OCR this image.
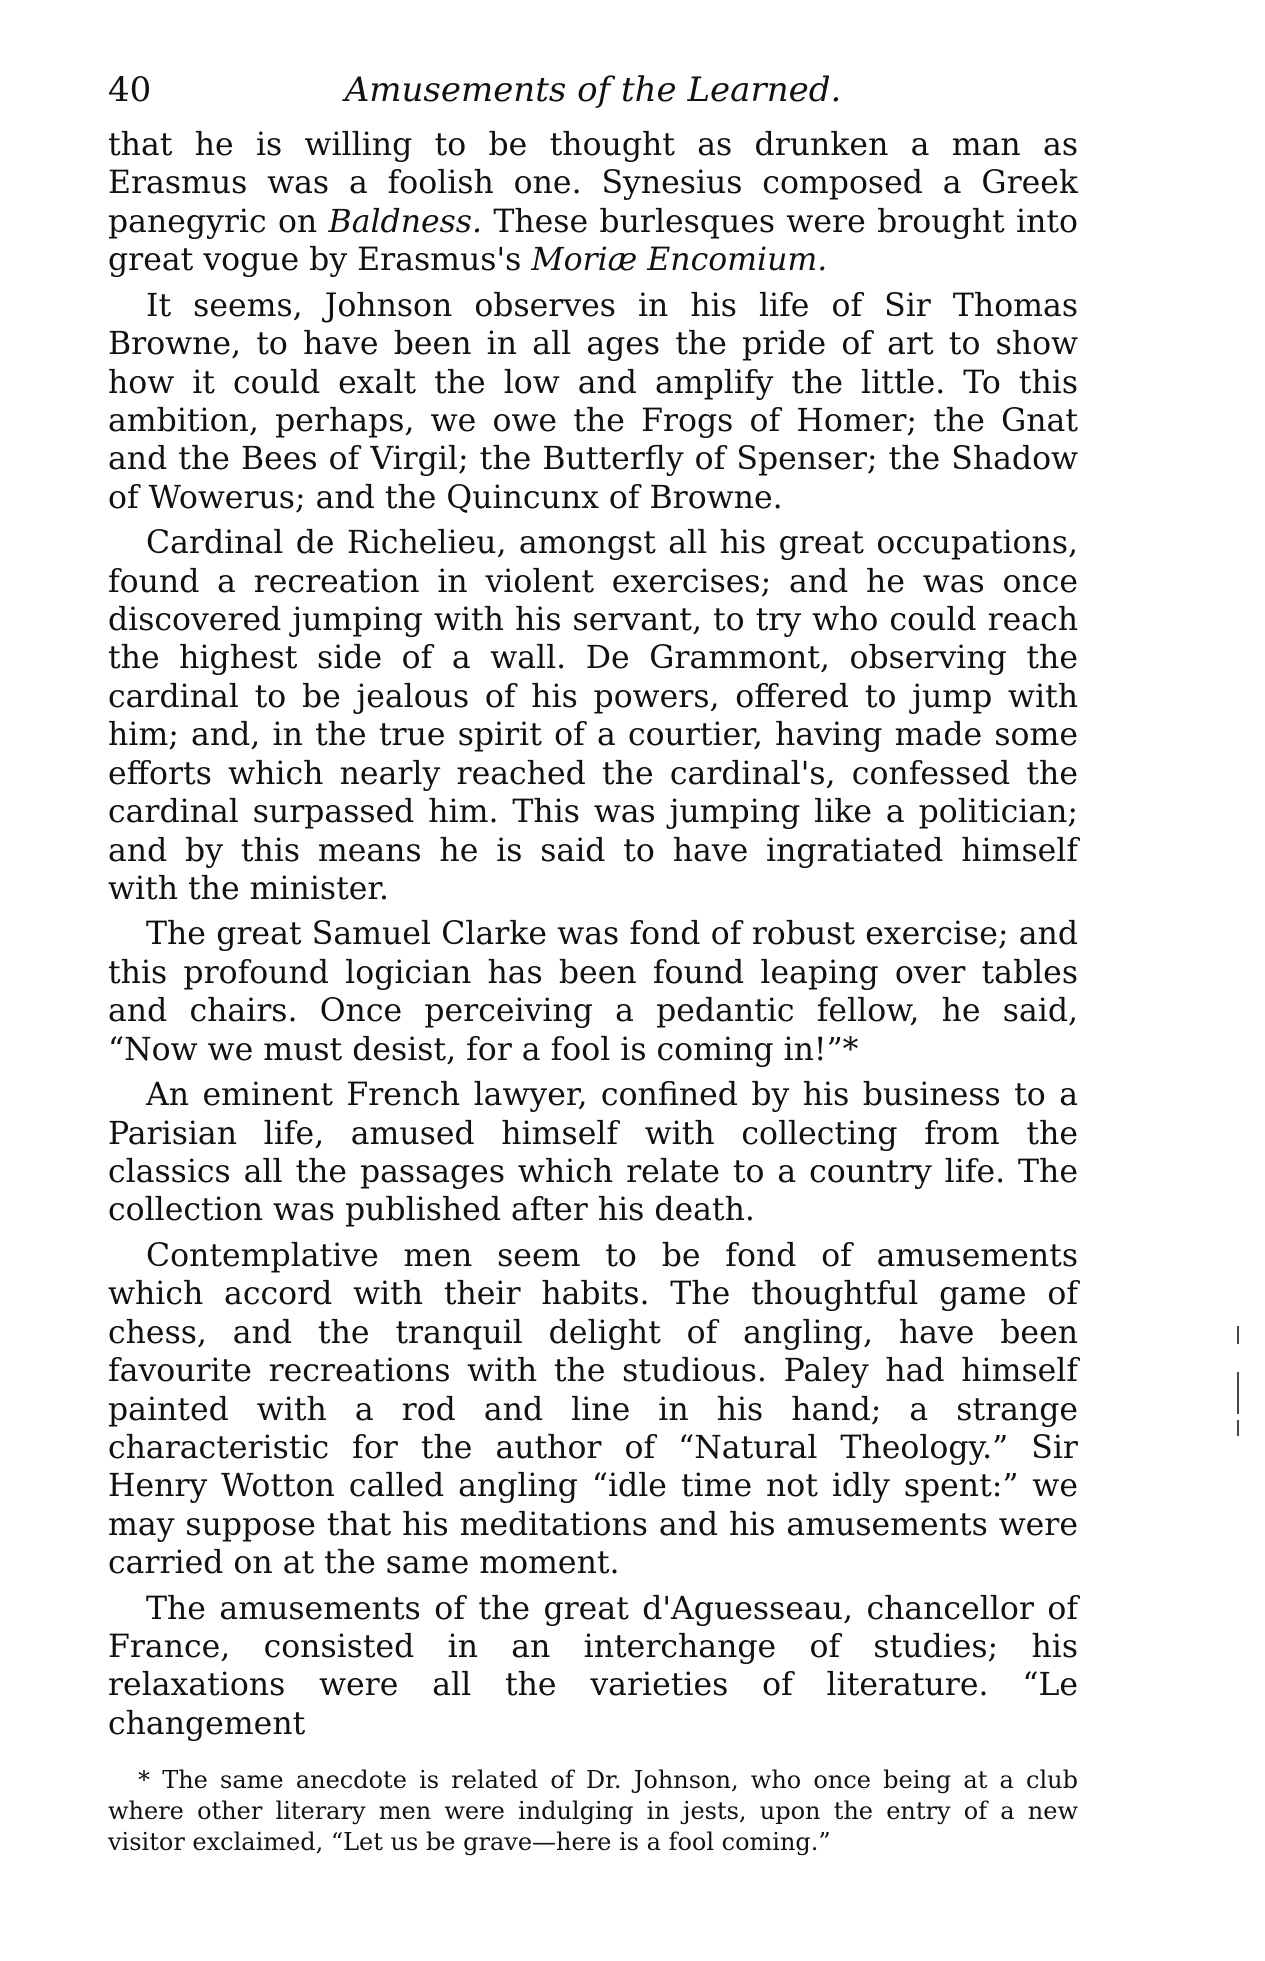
40	Amusements of the Learned.

that he is willing to be thought as drunken a man as Erasmus was a foolish one. Synesius composed a Greek panegyric on Baldness. These burlesques were brought into great vogue by Erasmus's Moriæ Encomium.

It seems, Johnson observes in his life of Sir Thomas Browne, to have been in all ages the pride of art to show how it could exalt the low and amplify the little. To this ambition, perhaps, we owe the Frogs of Homer; the Gnat and the Bees of Virgil; the Butterfly of Spenser; the Shadow of Wowerus; and the Quincunx of Browne.

Cardinal de Richelieu, amongst all his great occupations, found a recreation in violent exercises; and he was once discovered jumping with his servant, to try who could reach the highest side of a wall. De Grammont, observing the cardinal to be jealous of his powers, offered to jump with him; and, in the true spirit of a courtier, having made some efforts which nearly reached the cardinal's, confessed the cardinal surpassed him. This was jumping like a politician; and by this means he is said to have ingratiated himself with the minister.

The great Samuel Clarke was fond of robust exercise; and this profound logician has been found leaping over tables and chairs. Once perceiving a pedantic fellow, he said, “Now we must desist, for a fool is coming in!”*

An eminent French lawyer, confined by his business to a Parisian life, amused himself with collecting from the classics all the passages which relate to a country life. The collection was published after his death.

Contemplative men seem to be fond of amusements which accord with their habits. The thoughtful game of chess, and the tranquil delight of angling, have been favourite recreations with the studious. Paley had himself painted with a rod and line in his hand; a strange characteristic for the author of “Natural Theology.” Sir Henry Wotton called angling “idle time not idly spent:” we may suppose that his meditations and his amusements were carried on at the same moment.

The amusements of the great d'Aguesseau, chancellor of France, consisted in an interchange of studies; his relaxations were all the varieties of literature. “Le changement

* The same anecdote is related of Dr. Johnson, who once being at a club where other literary men were indulging in jests, upon the entry of a new visitor exclaimed, “Let us be grave—here is a fool coming.”
